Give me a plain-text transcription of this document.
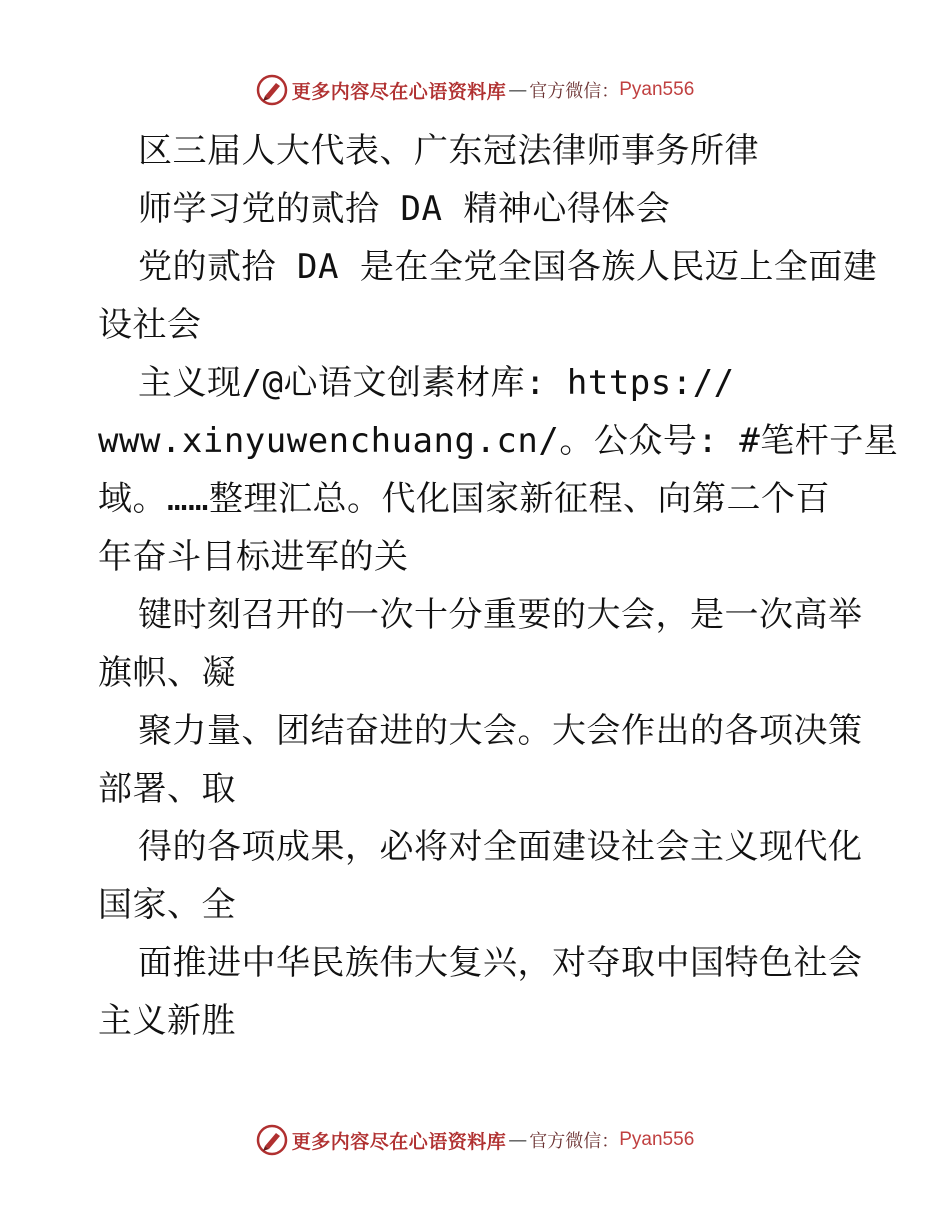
更多内容尽在心语资料库 — 官方微信： Pyan556
区三届人大代表、广东冠法律师事务所律
师学习党的贰拾 DA 精神心得体会
党的贰拾 DA 是在全党全国各族人民迈上全面建
设社会
主义现/@心语文创素材库: https://
www.xinyuwenchuang.cn/。公众号: #笔杆子星
域。……整理汇总。代化国家新征程、向第二个百
年奋斗目标进军的关
键时刻召开的一次十分重要的大会，是一次高举
旗帜、凝
聚力量、团结奋进的大会。大会作出的各项决策
部署、取
得的各项成果，必将对全面建设社会主义现代化
国家、全
面推进中华民族伟大复兴，对夺取中国特色社会
主义新胜
更多内容尽在心语资料库 — 官方微信： Pyan556
